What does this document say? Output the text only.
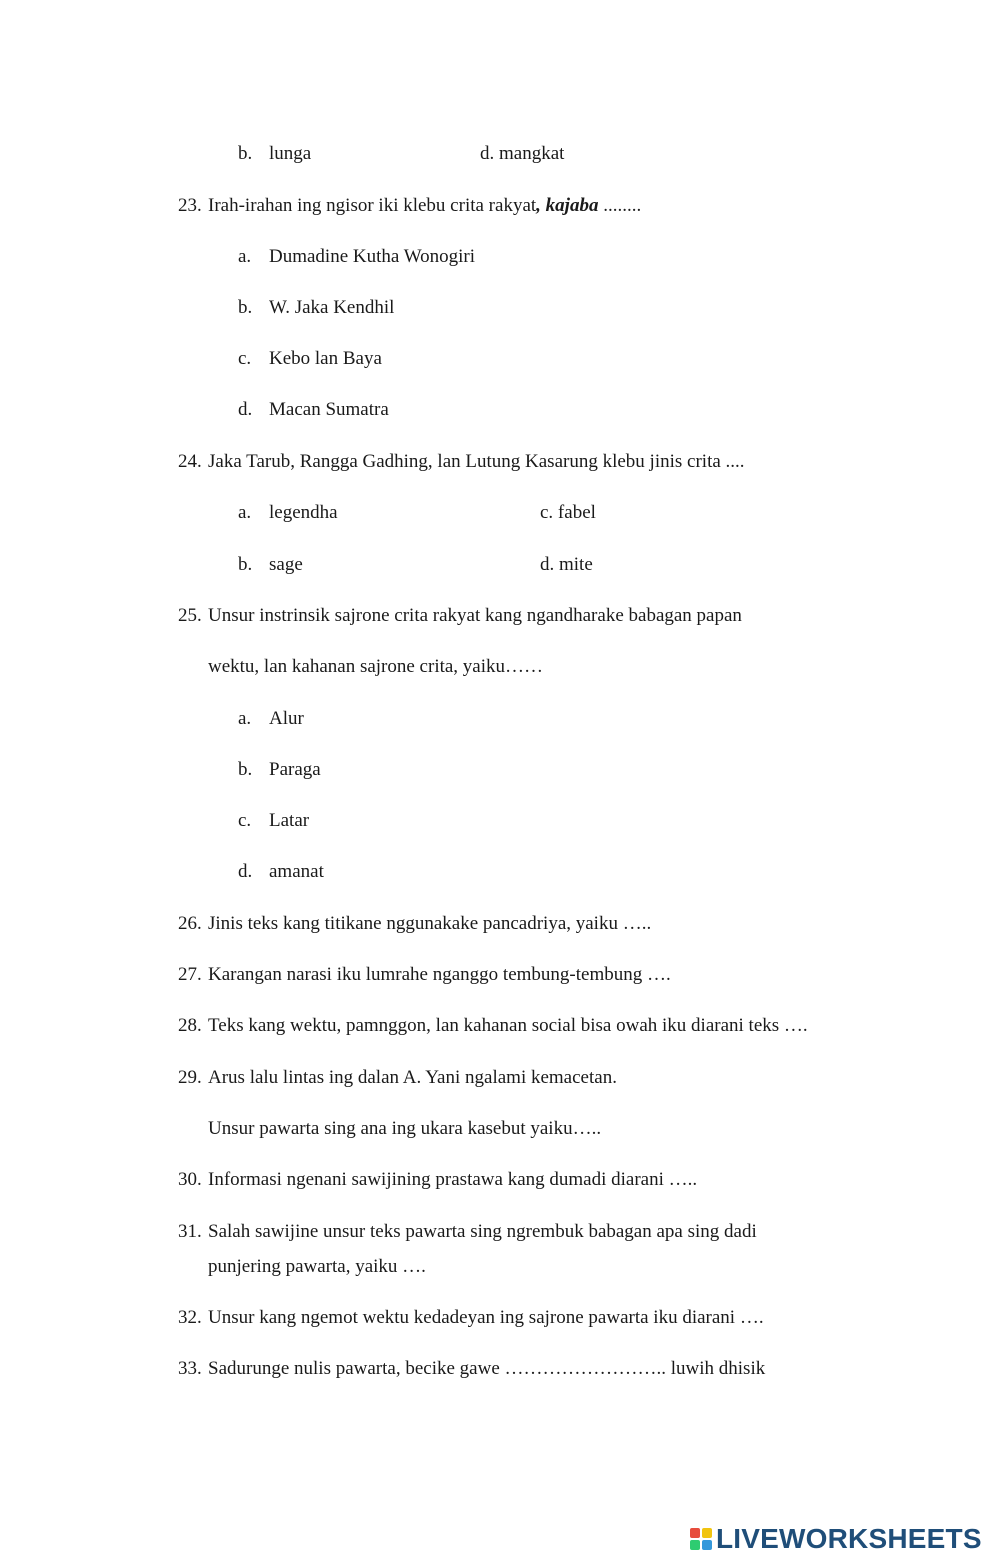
b. lunga	d. mangkat
23. Irah-irahan ing ngisor iki klebu crita rakyat, kajaba ........
a. Dumadine Kutha Wonogiri
b. W. Jaka Kendhil
c. Kebo lan Baya
d. Macan Sumatra
24. Jaka Tarub, Rangga Gadhing, lan Lutung Kasarung klebu jinis crita ....
a. legendha	c. fabel
b. sage	d. mite
25. Unsur instrinsik sajrone crita rakyat kang ngandharake babagan papan
wektu, lan kahanan sajrone crita, yaiku……
a. Alur
b. Paraga
c. Latar
d. amanat
26. Jinis teks kang titikane nggunakake pancadriya, yaiku …..
27. Karangan narasi iku lumrahe nganggo tembung-tembung ….
28. Teks kang wektu, pamnggon, lan kahanan social bisa owah iku diarani teks ….
29. Arus lalu lintas ing dalan A. Yani ngalami kemacetan.
Unsur pawarta sing ana ing ukara kasebut yaiku…..
30. Informasi ngenani sawijining prastawa kang dumadi diarani …..
31. Salah sawijine unsur teks pawarta sing ngrembuk babagan apa sing dadi
punjering pawarta, yaiku ….
32. Unsur kang ngemot wektu kedadeyan ing sajrone pawarta iku diarani ….
33. Sadurunge nulis pawarta, becike gawe …………………….. luwih dhisik
LIVEWORKSHEETS
